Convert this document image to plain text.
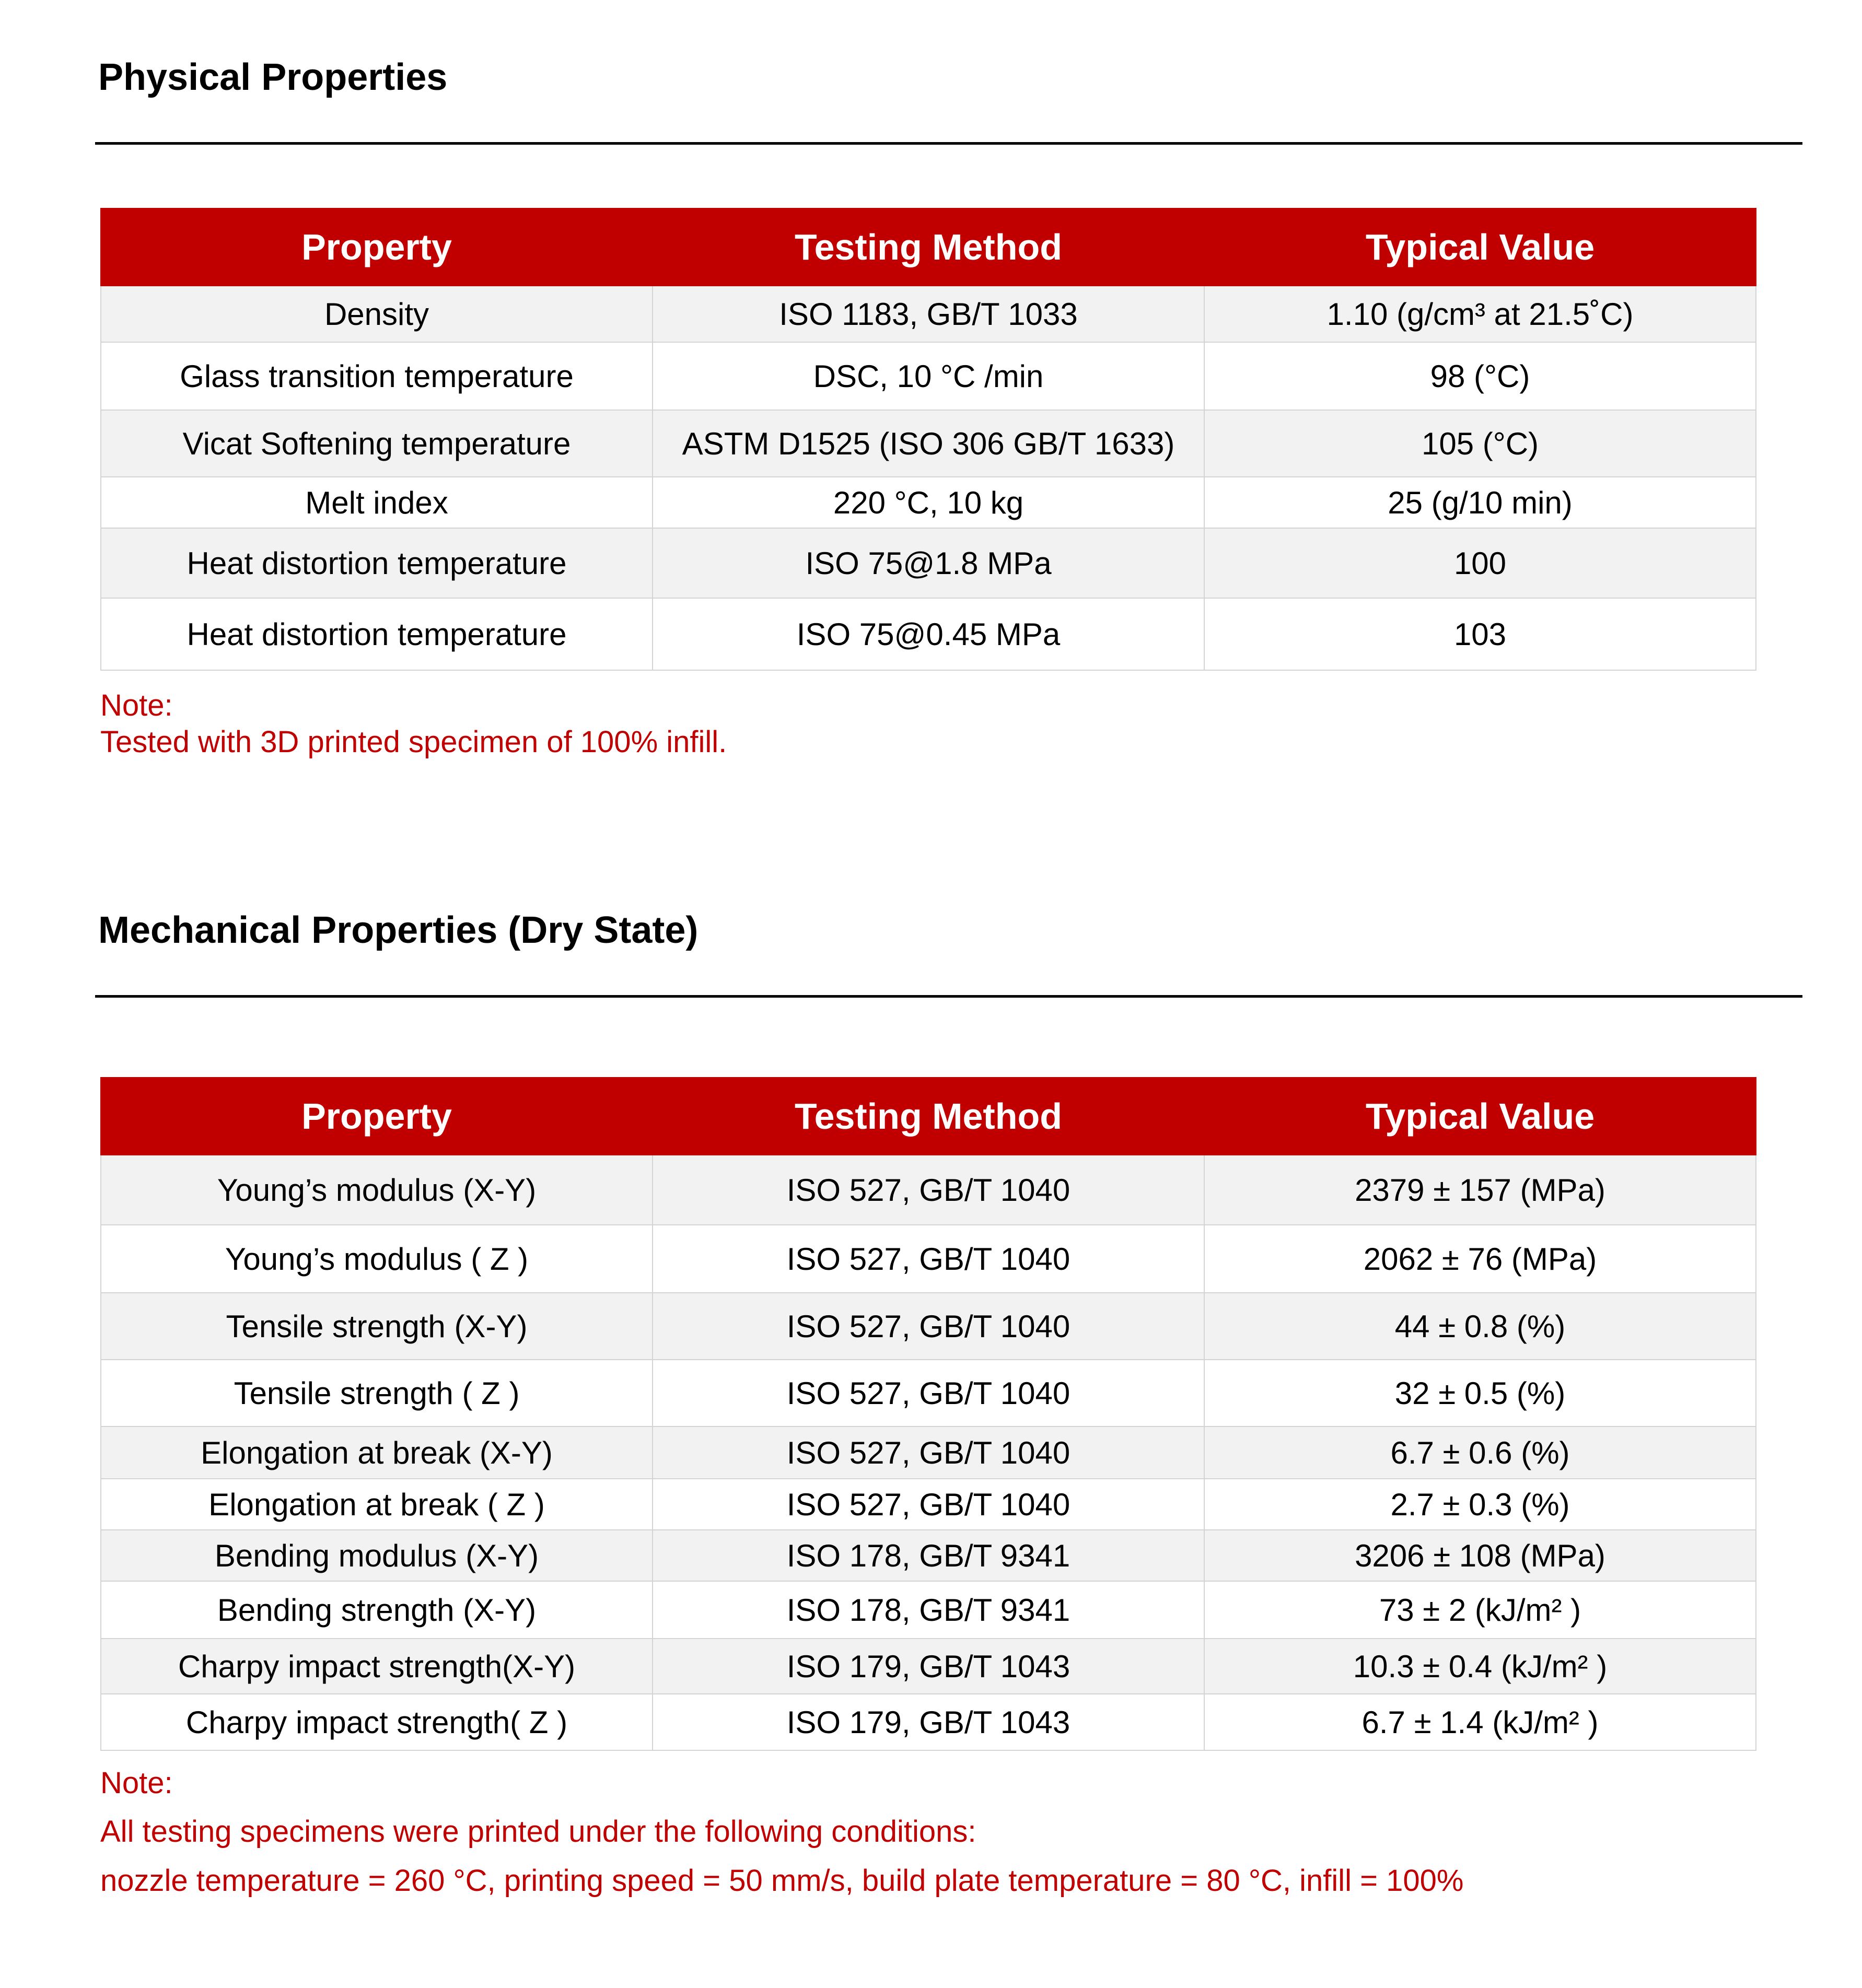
Physical Properties
Property	Testing Method	Typical Value
Density	ISO 1183, GB/T 1033	1.10 (g/cm³ at 21.5˚C)
Glass transition temperature	DSC, 10 °C /min	98 (°C)
Vicat Softening temperature	ASTM D1525 (ISO 306 GB/T 1633)	105 (°C)
Melt index	220 °C, 10 kg	25 (g/10 min)
Heat distortion temperature	ISO 75@1.8 MPa	100
Heat distortion temperature	ISO 75@0.45 MPa	103
Note:
Tested with 3D printed specimen of 100% infill.
Mechanical Properties (Dry State)
Property	Testing Method	Typical Value
Young’s modulus (X-Y)	ISO 527, GB/T 1040	2379 ± 157 (MPa)
Young’s modulus ( Z )	ISO 527, GB/T 1040	2062 ± 76 (MPa)
Tensile strength (X-Y)	ISO 527, GB/T 1040	44 ± 0.8 (%)
Tensile strength ( Z )	ISO 527, GB/T 1040	32 ± 0.5 (%)
Elongation at break (X-Y)	ISO 527, GB/T 1040	6.7 ± 0.6 (%)
Elongation at break ( Z )	ISO 527, GB/T 1040	2.7 ± 0.3 (%)
Bending modulus (X-Y)	ISO 178, GB/T 9341	3206 ± 108 (MPa)
Bending strength (X-Y)	ISO 178, GB/T 9341	73 ± 2 (kJ/m² )
Charpy impact strength(X-Y)	ISO 179, GB/T 1043	10.3 ± 0.4 (kJ/m² )
Charpy impact strength( Z )	ISO 179, GB/T 1043	6.7 ± 1.4 (kJ/m² )
Note:
All testing specimens were printed under the following conditions:
nozzle temperature = 260 °C, printing speed = 50 mm/s, build plate temperature = 80 °C, infill = 100%
